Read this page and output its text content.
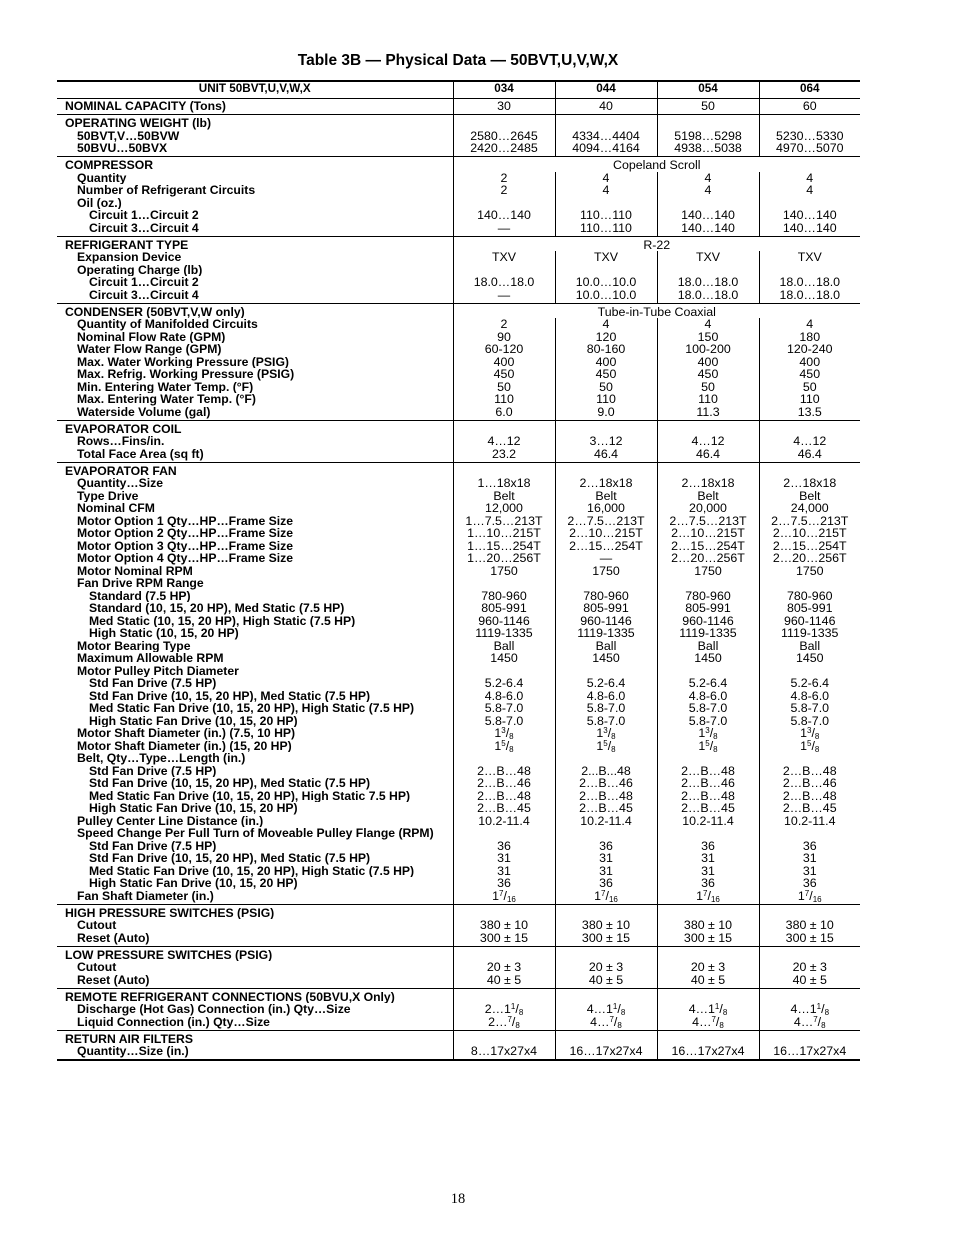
Table 3B — Physical Data — 50BVT,U,V,W,X
UNIT 50BVT,U,V,W,X	034	044	054	064
NOMINAL CAPACITY (Tons)	30	40	50	60
OPERATING WEIGHT (lb)				
50BVT,V…50BVW	2580…2645	4334…4404	5198…5298	5230…5330
50BVU…50BVX	2420…2485	4094…4164	4938…5038	4970…5070
COMPRESSOR	Copeland Scroll			
Quantity	2	4	4	4
Number of Refrigerant Circuits	2	4	4	4
Oil (oz.)				
Circuit 1…Circuit 2	140…140	110…110	140…140	140…140
Circuit 3…Circuit 4	—	110…110	140…140	140…140
REFRIGERANT TYPE	R-22			
Expansion Device	TXV	TXV	TXV	TXV
Operating Charge (lb)				
Circuit 1…Circuit 2	18.0…18.0	10.0…10.0	18.0…18.0	18.0…18.0
Circuit 3…Circuit 4	—	10.0…10.0	18.0…18.0	18.0…18.0
CONDENSER (50BVT,V,W only)	Tube-in-Tube Coaxial			
Quantity of Manifolded Circuits	2	4	4	4
Nominal Flow Rate (GPM)	90	120	150	180
Water Flow Range (GPM)	60-120	80-160	100-200	120-240
Max. Water Working Pressure (PSIG)	400	400	400	400
Max. Refrig. Working Pressure (PSIG)	450	450	450	450
Min. Entering Water Temp. (°F)	50	50	50	50
Max. Entering Water Temp. (°F)	110	110	110	110
Waterside Volume (gal)	6.0	9.0	11.3	13.5
EVAPORATOR COIL				
Rows…Fins/in.	4…12	3…12	4…12	4…12
Total Face Area (sq ft)	23.2	46.4	46.4	46.4
EVAPORATOR FAN				
Quantity…Size	1…18x18	2…18x18	2…18x18	2…18x18
Type Drive	Belt	Belt	Belt	Belt
Nominal CFM	12,000	16,000	20,000	24,000
Motor Option 1 Qty…HP…Frame Size	1…7.5…213T	2…7.5…213T	2…7.5…213T	2…7.5…213T
Motor Option 2 Qty…HP…Frame Size	1…10…215T	2…10…215T	2…10…215T	2…10…215T
Motor Option 3 Qty…HP…Frame Size	1…15…254T	2…15…254T	2…15…254T	2…15…254T
Motor Option 4 Qty…HP…Frame Size	1…20…256T	—	2…20…256T	2…20…256T
Motor Nominal RPM	1750	1750	1750	1750
Fan Drive RPM Range				
Standard (7.5 HP)	780-960	780-960	780-960	780-960
Standard (10, 15, 20 HP), Med Static (7.5 HP)	805-991	805-991	805-991	805-991
Med Static (10, 15, 20 HP), High Static (7.5 HP)	960-1146	960-1146	960-1146	960-1146
High Static (10, 15, 20 HP)	1119-1335	1119-1335	1119-1335	1119-1335
Motor Bearing Type	Ball	Ball	Ball	Ball
Maximum Allowable RPM	1450	1450	1450	1450
Motor Pulley Pitch Diameter				
Std Fan Drive (7.5 HP)	5.2-6.4	5.2-6.4	5.2-6.4	5.2-6.4
Std Fan Drive (10, 15, 20 HP), Med Static (7.5 HP)	4.8-6.0	4.8-6.0	4.8-6.0	4.8-6.0
Med Static Fan Drive (10, 15, 20 HP), High Static (7.5 HP)	5.8-7.0	5.8-7.0	5.8-7.0	5.8-7.0
High Static Fan Drive (10, 15, 20 HP)	5.8-7.0	5.8-7.0	5.8-7.0	5.8-7.0
Motor Shaft Diameter (in.) (7.5, 10 HP)	$1^3/_8$	$1^3/_8$	$1^3/_8$	$1^3/_8$
Motor Shaft Diameter (in.) (15, 20 HP)	$1^5/_8$	$1^5/_8$	$1^5/_8$	$1^5/_8$
Belt, Qty…Type…Length (in.)				
Std Fan Drive (7.5 HP)	2…B…48	2...B...48	2…B…48	2…B…48
Std Fan Drive (10, 15, 20 HP), Med Static (7.5 HP)	2…B…46	2…B…46	2…B…46	2…B…46
Med Static Fan Drive (10, 15, 20 HP), High Static 7.5 HP)	2…B…48	2…B…48	2…B…48	2…B…48
High Static Fan Drive (10, 15, 20 HP)	2…B…45	2…B…45	2…B…45	2…B…45
Pulley Center Line Distance (in.)	10.2-11.4	10.2-11.4	10.2-11.4	10.2-11.4
Speed Change Per Full Turn of Moveable Pulley Flange (RPM)				
Std Fan Drive (7.5 HP)	36	36	36	36
Std Fan Drive (10, 15, 20 HP), Med Static (7.5 HP)	31	31	31	31
Med Static Fan Drive (10, 15, 20 HP), High Static (7.5 HP)	31	31	31	31
High Static Fan Drive (10, 15, 20 HP)	36	36	36	36
Fan Shaft Diameter (in.)	$1^7/_{16}$	$1^7/_{16}$	$1^7/_{16}$	$1^7/_{16}$
HIGH PRESSURE SWITCHES (PSIG)				
Cutout	380 ± 10	380 ± 10	380 ± 10	380 ± 10
Reset (Auto)	300 ± 15	300 ± 15	300 ± 15	300 ± 15
LOW PRESSURE SWITCHES (PSIG)				
Cutout	20 ± 3	20 ± 3	20 ± 3	20 ± 3
Reset (Auto)	40 ± 5	40 ± 5	40 ± 5	40 ± 5
REMOTE REFRIGERANT CONNECTIONS (50BVU,X Only)				
Discharge (Hot Gas) Connection (in.) Qty…Size	$2\dots 1^1/_8$	$4\dots 1^1/_8$	$4\dots 1^1/_8$	$4\dots 1^1/_8$
Liquid Connection (in.) Qty…Size	$2\dots^7/_8$	$4\dots^7/_8$	$4\dots^7/_8$	$4\dots^7/_8$
RETURN AIR FILTERS				
Quantity…Size (in.)	8…17x27x4	16…17x27x4	16…17x27x4	16…17x27x4
18
